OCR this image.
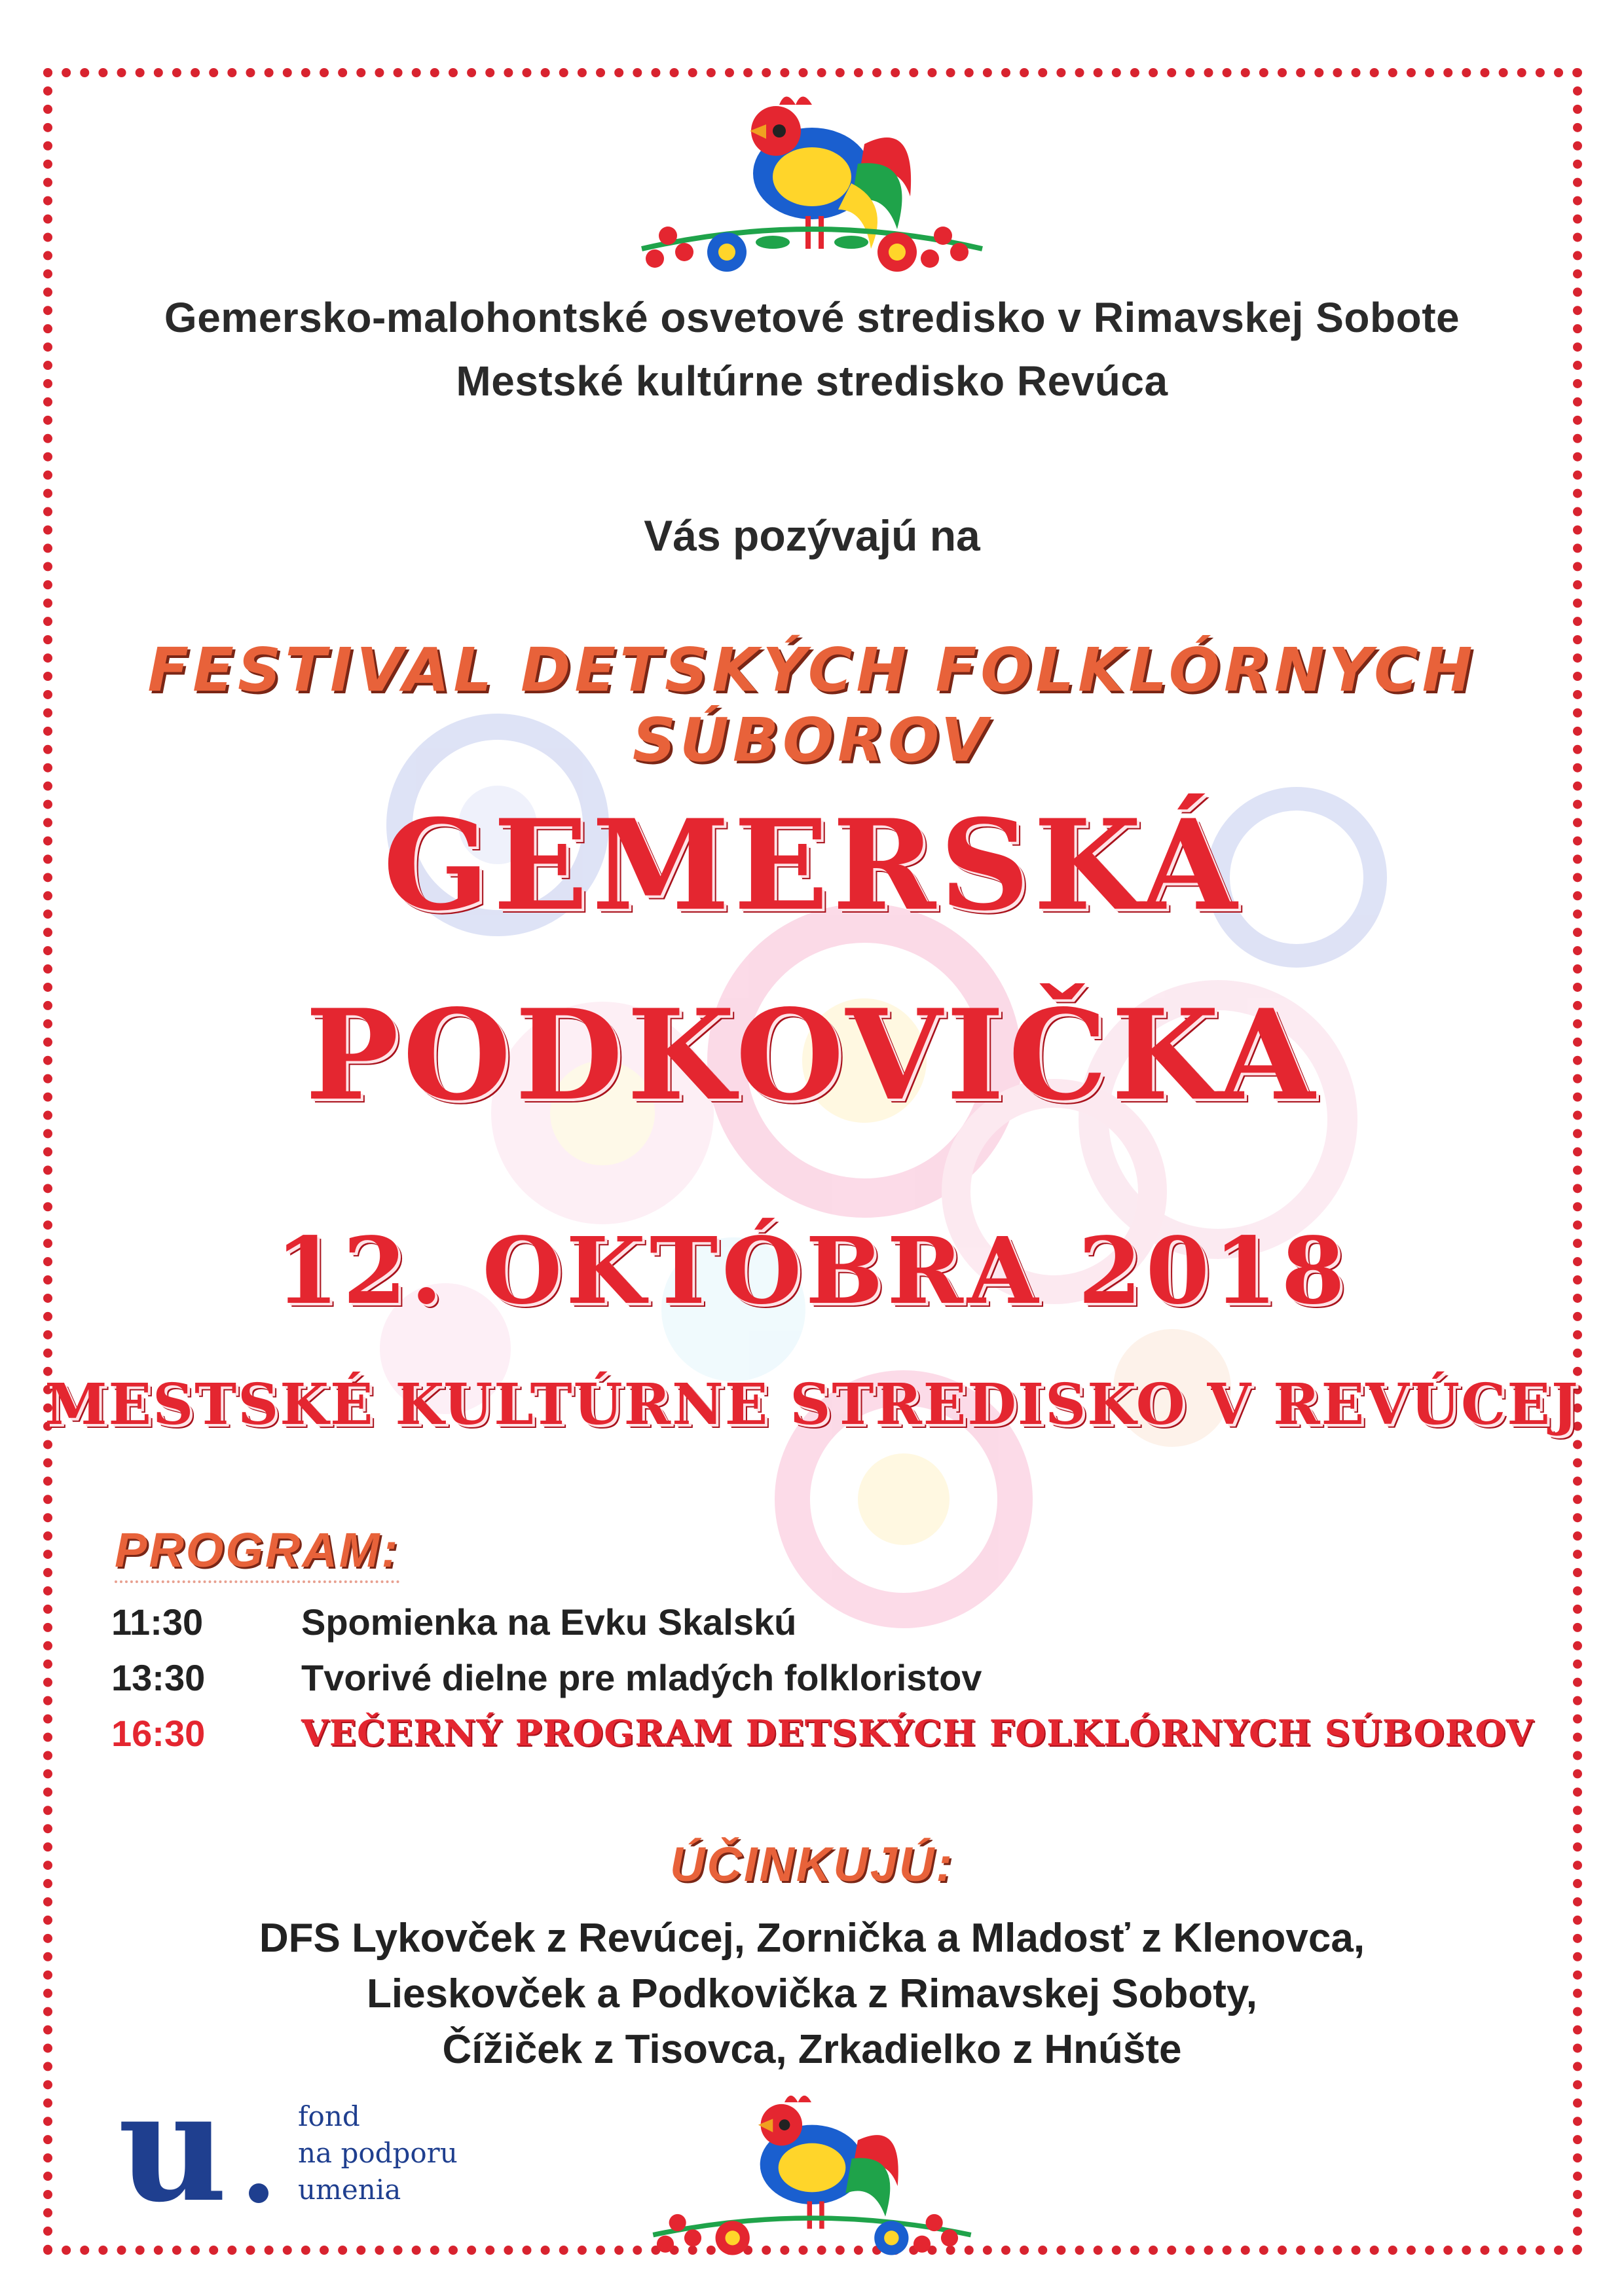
Gemersko-malohontské osvetové stredisko v Rimavskej Sobote
Mestské kultúrne stredisko Revúca
Vás pozývajú na
FESTIVAL DETSKÝCH FOLKLÓRNYCH SÚBOROV
GEMERSKÁ
PODKOVIČKA
12. OKTÓBRA 2018
MESTSKÉ KULTÚRNE STREDISKO V REVÚCEJ
PROGRAM:
11:30	Spomienka na Evku Skalskú
13:30	Tvorivé dielne pre mladých folkloristov
16:30	VEČERNÝ PROGRAM DETSKÝCH FOLKLÓRNYCH SÚBOROV
ÚČINKUJÚ:
DFS Lykovček z Revúcej, Zornička a Mladosť z Klenovca,
Lieskovček a Podkovička z Rimavskej Soboty,
Čížiček z Tisovca, Zrkadielko z Hnúšte
u	fond
na podporu
umenia
